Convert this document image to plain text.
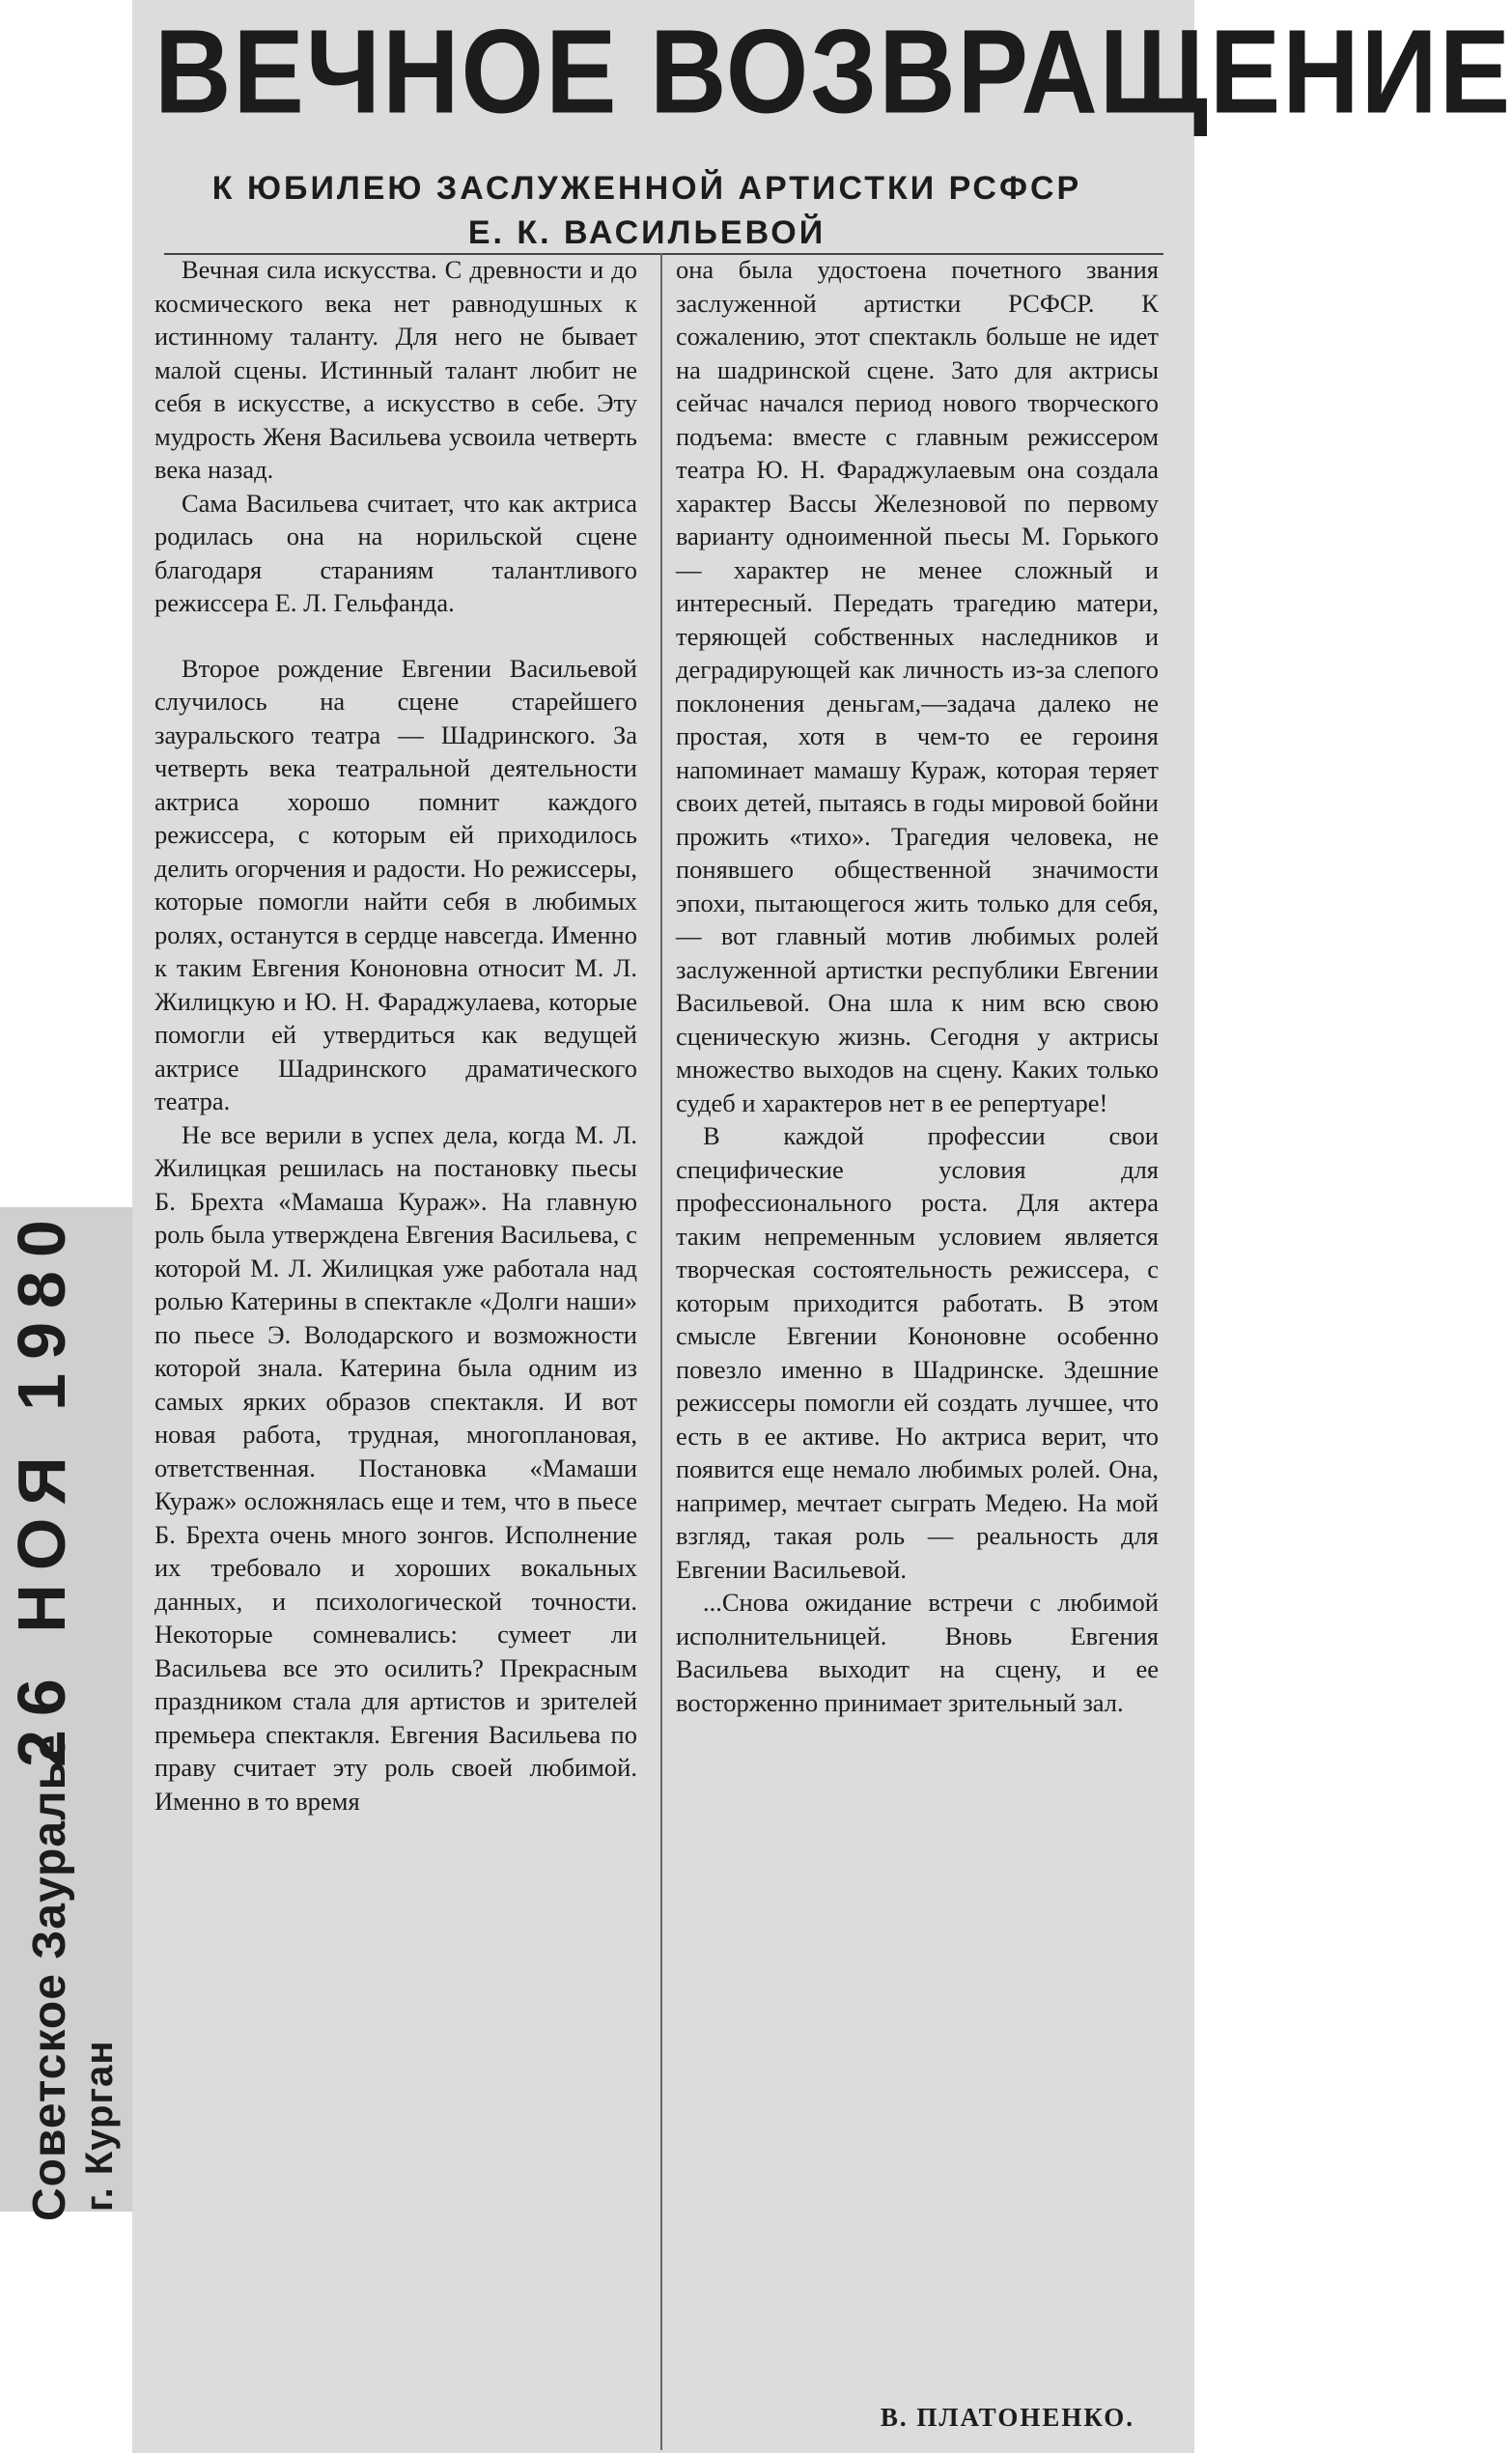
Советское Зауралье26 НОЯ 1980
г. Курган
ВЕЧНОЕ ВОЗВРАЩЕНИЕ
К ЮБИЛЕЮ ЗАСЛУЖЕННОЙ АРТИСТКИ РСФСР
Е. К. ВАСИЛЬЕВОЙ

Вечная сила искусства. С древности и до космического века нет равнодушных к истинному таланту. Для него не бывает малой сцены. Истинный талант любит не себя в искусстве, а искусство в себе. Эту мудрость Женя Васильева усвоила четверть века назад.

Сама Васильева считает, что как актриса родилась она на норильской сцене благодаря стараниям талантливого режиссера Е. Л. Гельфанда.

Второе рождение Евгении Васильевой случилось на сцене старейшего зауральского театра — Шадринского. За четверть века театральной деятельности актриса хорошо помнит каждого режиссера, с которым ей приходилось делить огорчения и радости. Но режиссеры, которые помогли найти себя в любимых ролях, останутся в сердце навсегда. Именно к таким Евгения Кононовна относит М. Л. Жилицкую и Ю. Н. Фараджулаева, которые помогли ей утвердиться как ведущей актрисе Шадринского драматического театра.

Не все верили в успех дела, когда М. Л. Жилицкая решилась на постановку пьесы Б. Брехта «Мамаша Кураж». На главную роль была утверждена Евгения Васильева, с которой М. Л. Жилицкая уже работала над ролью Катерины в спектакле «Долги наши» по пьесе Э. Володарского и возможности которой знала. Катерина была одним из самых ярких образов спектакля. И вот новая работа, трудная, многоплановая, ответственная. Постановка «Мамаши Кураж» осложнялась еще и тем, что в пьесе Б. Брехта очень много зонгов. Исполнение их требовало и хороших вокальных данных, и психологической точности. Некоторые сомневались: сумеет ли Васильева все это осилить? Прекрасным праздником стала для артистов и зрителей премьера спектакля. Евгения Васильева по праву считает эту роль своей любимой. Именно в то время

она была удостоена почетного звания заслуженной артистки РСФСР. К сожалению, этот спектакль больше не идет на шадринской сцене. Зато для актрисы сейчас начался период нового творческого подъема: вместе с главным режиссером театра Ю. Н. Фараджулаевым она создала характер Вассы Железновой по первому варианту одноименной пьесы М. Горького — характер не менее сложный и интересный. Передать трагедию матери, теряющей собственных наследников и деградирующей как личность из-за слепого поклонения деньгам,—задача далеко не простая, хотя в чем-то ее героиня напоминает мамашу Кураж, которая теряет своих детей, пытаясь в годы мировой бойни прожить «тихо». Трагедия человека, не понявшего общественной значимости эпохи, пытающегося жить только для себя, — вот главный мотив любимых ролей заслуженной артистки республики Евгении Васильевой. Она шла к ним всю свою сценическую жизнь. Сегодня у актрисы множество выходов на сцену. Каких только судеб и характеров нет в ее репертуаре!

В каждой профессии свои специфические условия для профессионального роста. Для актера таким непременным условием является творческая состоятельность режиссера, с которым приходится работать. В этом смысле Евгении Кононовне особенно повезло именно в Шадринске. Здешние режиссеры помогли ей создать лучшее, что есть в ее активе. Но актриса верит, что появится еще немало любимых ролей. Она, например, мечтает сыграть Медею. На мой взгляд, такая роль — реальность для Евгении Васильевой.

...Снова ожидание встречи с любимой исполнительницей. Вновь Евгения Васильева выходит на сцену, и ее восторженно принимает зрительный зал.

В. ПЛАТОНЕНКО.
